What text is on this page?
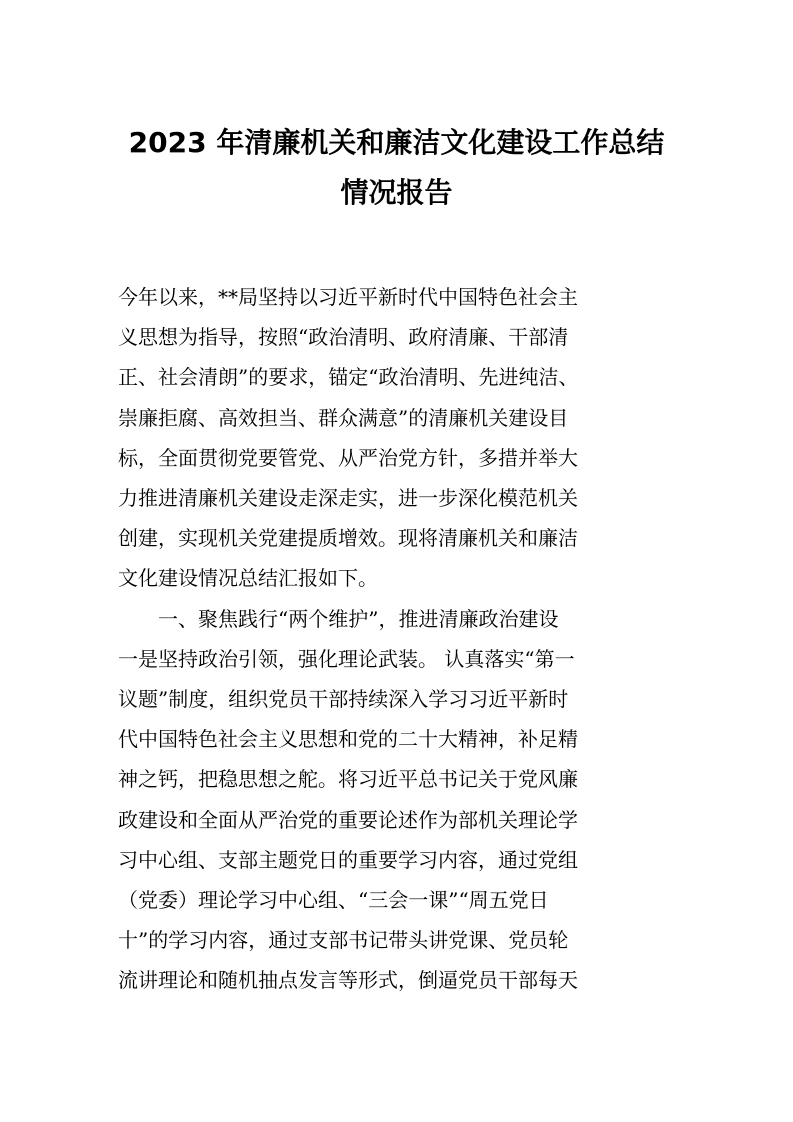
2023 年清廉机关和廉洁文化建设工作总结
情况报告
今年以来，**局坚持以习近平新时代中国特色社会主
义思想为指导，按照“政治清明、政府清廉、干部清
正、社会清朗”的要求，锚定“政治清明、先进纯洁、
崇廉拒腐、高效担当、群众满意”的清廉机关建设目
标，全面贯彻党要管党、从严治党方针，多措并举大
力推进清廉机关建设走深走实，进一步深化模范机关
创建，实现机关党建提质增效。现将清廉机关和廉洁
文化建设情况总结汇报如下。
一、聚焦践行“两个维护”，推进清廉政治建设
一是坚持政治引领，强化理论武装。 认真落实“第一
议题”制度，组织党员干部持续深入学习习近平新时
代中国特色社会主义思想和党的二十大精神，补足精
神之钙，把稳思想之舵。将习近平总书记关于党风廉
政建设和全面从严治党的重要论述作为部机关理论学
习中心组、支部主题党日的重要学习内容，通过党组
（党委）理论学习中心组、“三会一课”“周五党日
十”的学习内容，通过支部书记带头讲党课、党员轮
流讲理论和随机抽点发言等形式，倒逼党员干部每天
